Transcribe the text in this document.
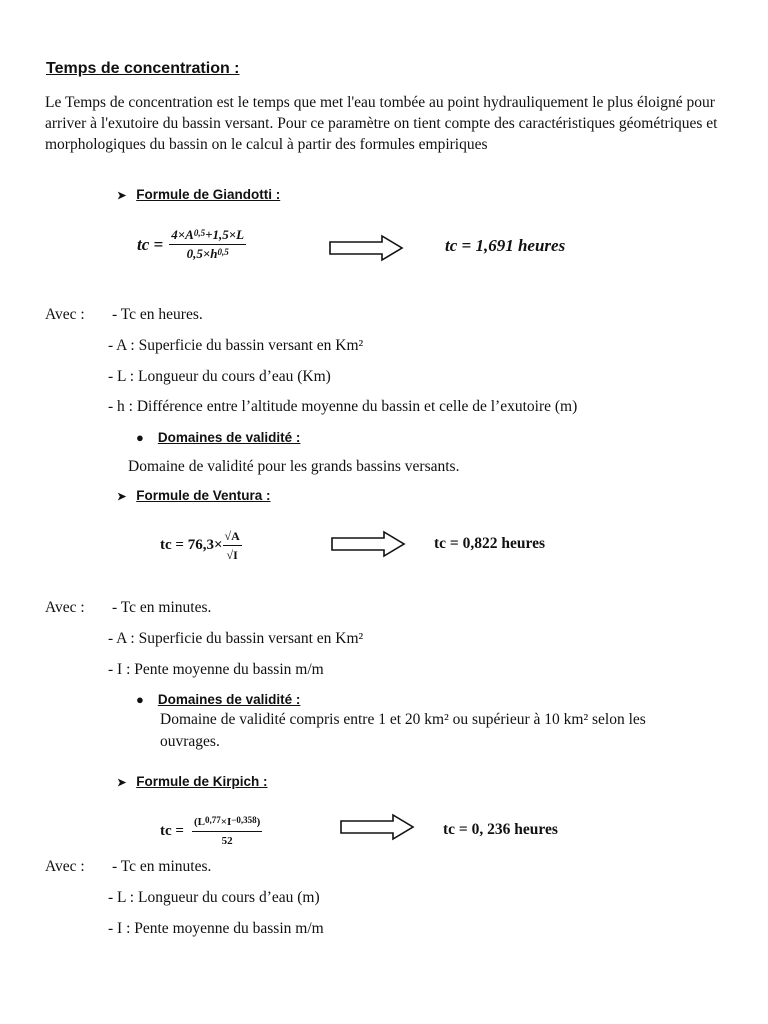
Temps de concentration :
Le Temps de concentration est le temps que met l'eau tombée au point hydrauliquement le plus éloigné pour arriver à l'exutoire du bassin versant. Pour ce paramètre on tient compte des caractéristiques géométriques et morphologiques du bassin on le calcul à partir des formules empiriques
➤ Formule de Giandotti :
tc = $\frac{4\times A^{0,5}+1,5\times L}{0,5\times h^{0,5}}$	tc = 1,691 heures
Avec : - Tc en heures.
- A : Superficie du bassin versant en Km²
- L : Longueur du cours d’eau (Km)
- h : Différence entre l’altitude moyenne du bassin et celle de l’exutoire (m)
● Domaines de validité :
Domaine de validité pour les grands bassins versants.
➤ Formule de Ventura :
tc = $76,3\times \frac{√A}{√I}$	tc = 0,822 heures
Avec : - Tc en minutes.
- A : Superficie du bassin versant en Km²
- I : Pente moyenne du bassin m/m
● Domaines de validité :
Domaine de validité compris entre 1 et 20 km² ou supérieur à 10 km² selon les
ouvrages.
➤ Formule de Kirpich :
tc = $\frac{(L^{0,77}\times I^{-0,358})}{52}$	tc = 0, 236 heures
Avec : - Tc en minutes.
- L : Longueur du cours d’eau (m)
- I : Pente moyenne du bassin m/m
